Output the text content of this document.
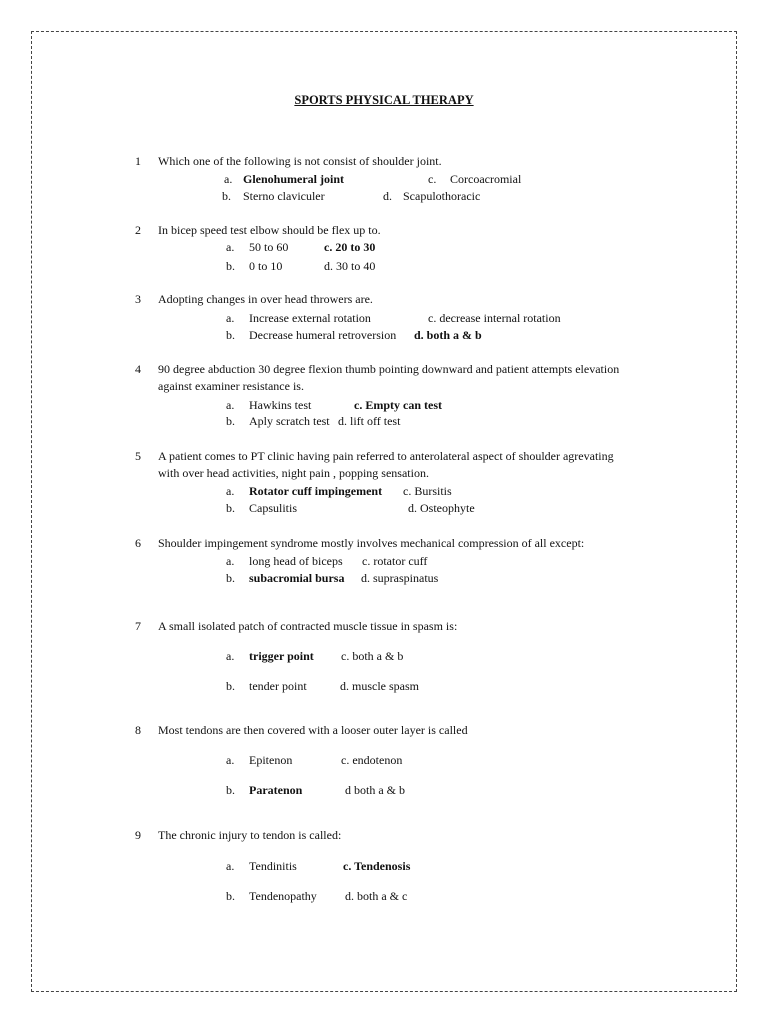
SPORTS PHYSICAL THERAPY
1 Which one of the following is not consist of shoulder joint.
a. Glenohumeral joint	c. Corcoacromial
b. Sterno claviculer	d. Scapulothoracic
2 In bicep speed test elbow should be flex up to.
a. 50 to 60	c. 20 to 30
b. 0 to 10	d. 30 to 40
3 Adopting changes in over head throwers are.
a. Increase external rotation	c. decrease internal rotation
b. Decrease humeral retroversion d. both a & b
4 90 degree abduction 30 degree flexion thumb pointing downward and patient attempts elevation
against examiner resistance is.
a. Hawkins test	c. Empty can test
b. Aply scratch test d. lift off test
5 A patient comes to PT clinic having pain referred to anterolateral aspect of shoulder agrevating
with over head activities, night pain , popping sensation.
a. Rotator cuff impingement c. Bursitis
b. Capsulitis	d. Osteophyte
6 Shoulder impingement syndrome mostly involves mechanical compression of all except:
a. long head of biceps c. rotator cuff
b. subacromial bursa d. supraspinatus
7 A small isolated patch of contracted muscle tissue in spasm is:
a. trigger point c. both a & b
b. tender point	d. muscle spasm
8 Most tendons are then covered with a looser outer layer is called
a. Epitenon	c. endotenon
b. Paratenon	d both a & b
9 The chronic injury to tendon is called:
a. Tendinitis	c. Tendenosis
b. Tendenopathy d. both a & c
